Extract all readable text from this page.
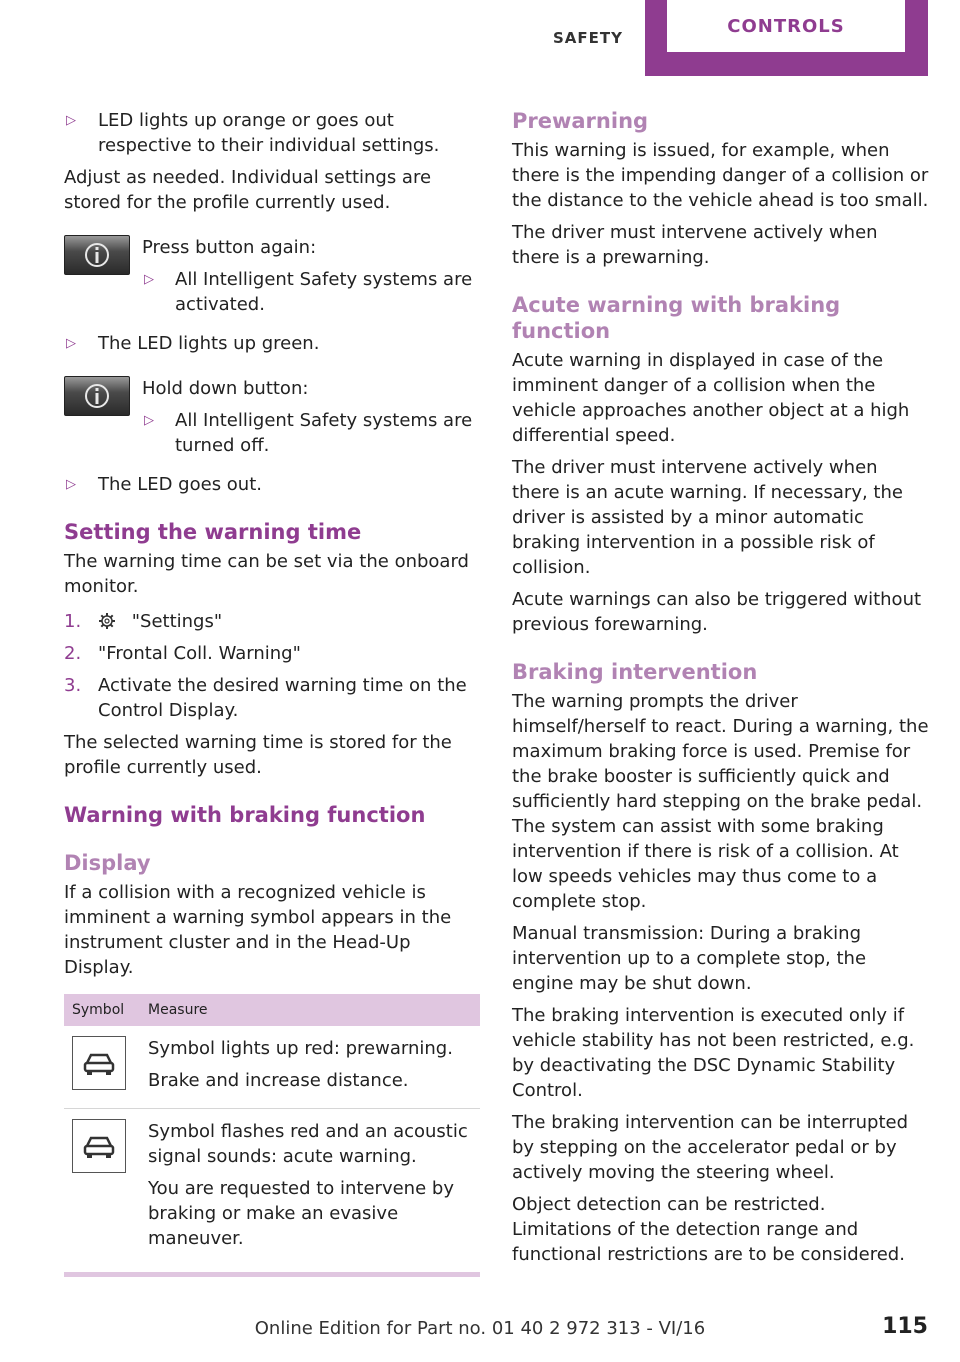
SAFETY
CONTROLS
▷ LED lights up orange or goes out respective to their individual settings.

Adjust as needed. Individual settings are stored for the profile currently used.

Press button again:

▷ All Intelligent Safety systems are activated.
▷ The LED lights up green.

Hold down button:

▷ All Intelligent Safety systems are turned off.
▷ The LED goes out.
Setting the warning time

The warning time can be set via the onboard monitor.

1.	"Settings"
2. "Frontal Coll. Warning"
3. Activate the desired warning time on the Control Display.

The selected warning time is stored for the profile currently used.

Warning with braking function
Display

If a collision with a recognized vehicle is imminent a warning symbol appears in the instrument cluster and in the Head-Up Display.

Symbol	Measure

Symbol lights up red: prewarning.

Brake and increase distance.

Symbol flashes red and an acoustic signal sounds: acute warning.

You are requested to intervene by braking or make an evasive maneuver.

Prewarning

This warning is issued, for example, when there is the impending danger of a collision or the distance to the vehicle ahead is too small.

The driver must intervene actively when there is a prewarning.

Acute warning with braking function

Acute warning in displayed in case of the imminent danger of a collision when the vehicle approaches another object at a high differential speed.

The driver must intervene actively when there is an acute warning. If necessary, the driver is assisted by a minor automatic braking intervention in a possible risk of collision.

Acute warnings can also be triggered without previous forewarning.

Braking intervention

The warning prompts the driver himself/herself to react. During a warning, the maximum braking force is used. Premise for the brake booster is sufficiently quick and sufficiently hard stepping on the brake pedal. The system can assist with some braking intervention if there is risk of a collision. At low speeds vehicles may thus come to a complete stop.

Manual transmission: During a braking intervention up to a complete stop, the engine may be shut down.

The braking intervention is executed only if vehicle stability has not been restricted, e.g. by deactivating the DSC Dynamic Stability Control.

The braking intervention can be interrupted by stepping on the accelerator pedal or by actively moving the steering wheel.

Object detection can be restricted. Limitations of the detection range and functional restrictions are to be considered.

Online Edition for Part no. 01 40 2 972 313 - VI/16	115
